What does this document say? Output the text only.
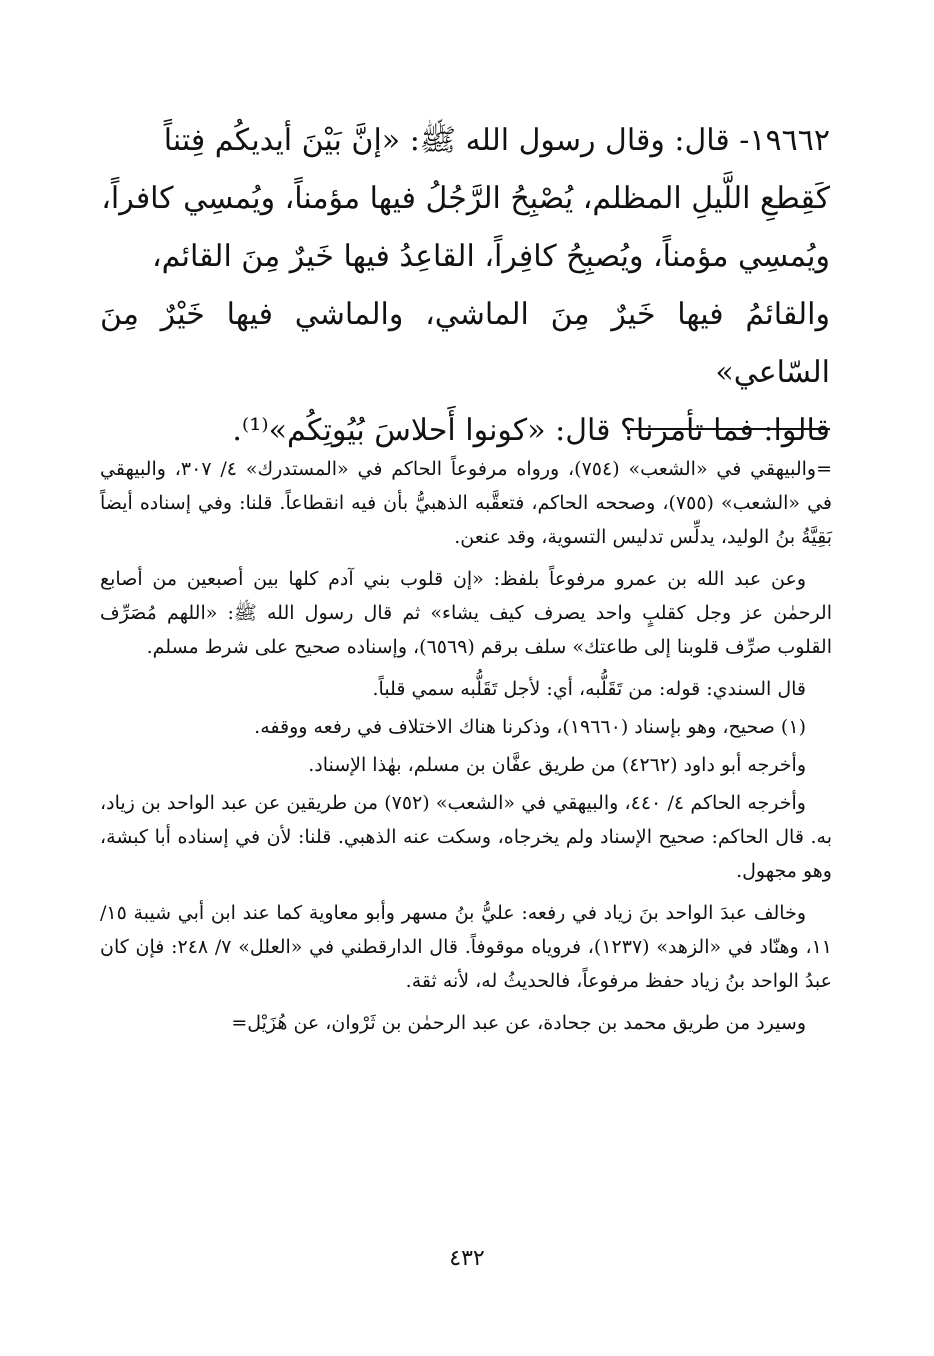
١٩٦٦٢- قال: وقال رسول الله ﷺ: «إنَّ بَيْنَ أيديكُم فِتناً

كَقِطعِ اللَّيلِ المظلم، يُصْبِحُ الرَّجُلُ فيها مؤمناً، ويُمسِي كافراً،

ويُمسِي مؤمناً، ويُصبِحُ كافِراً، القاعِدُ فيها خَيرٌ مِنَ القائم،

والقائمُ فيها خَيرٌ مِنَ الماشي، والماشي فيها خَيْرٌ مِنَ السّاعي»

قالوا: فما تأمرنا؟ قال: «كونوا أَحلاسَ بُيُوتِكُم»⁽¹⁾.

=والبيهقي في «الشعب» (٧٥٤)، ورواه مرفوعاً الحاكم في «المستدرك» ٤/ ٣٠٧، والبيهقي في «الشعب» (٧٥٥)، وصححه الحاكم، فتعقَّبه الذهبيُّ بأن فيه انقطاعاً. قلنا: وفي إسناده أيضاً بَقِيَّةُ بنُ الوليد، يدلِّس تدليس التسوية، وقد عنعن.

وعن عبد الله بن عمرو مرفوعاً بلفظ: «إن قلوب بني آدم كلها بين أصبعين من أصابع الرحمٰن عز وجل كقلبٍ واحد يصرف كيف يشاء» ثم قال رسول الله ﷺ: «اللهم مُصَرِّف القلوب صرِّف قلوبنا إلى طاعتك» سلف برقم (٦٥٦٩)، وإسناده صحيح على شرط مسلم.

قال السندي: قوله: من تَقَلُّبه، أي: لأجل تَقَلُّبه سمي قلباً.

(١) صحيح، وهو بإسناد (١٩٦٦٠)، وذكرنا هناك الاختلاف في رفعه ووقفه.

وأخرجه أبو داود (٤٢٦٢) من طريق عفَّان بن مسلم، بهٰذا الإسناد.

وأخرجه الحاكم ٤/ ٤٤٠، والبيهقي في «الشعب» (٧٥٢) من طريقين عن عبد الواحد بن زياد، به. قال الحاكم: صحيح الإسناد ولم يخرجاه، وسكت عنه الذهبي. قلنا: لأن في إسناده أبا كبشة، وهو مجهول.

وخالف عبدَ الواحد بنَ زياد في رفعه: عليُّ بنُ مسهر وأبو معاوية كما عند ابن أبي شيبة ١٥/ ١١، وهنّاد في «الزهد» (١٢٣٧)، فروياه موقوفاً. قال الدارقطني في «العلل» ٧/ ٢٤٨: فإن كان عبدُ الواحد بنُ زياد حفظ مرفوعاً، فالحديثُ له، لأنه ثقة.

وسيرد من طريق محمد بن جحادة، عن عبد الرحمٰن بن ثَرْوان، عن هُزَيْل=

٤٣٢
